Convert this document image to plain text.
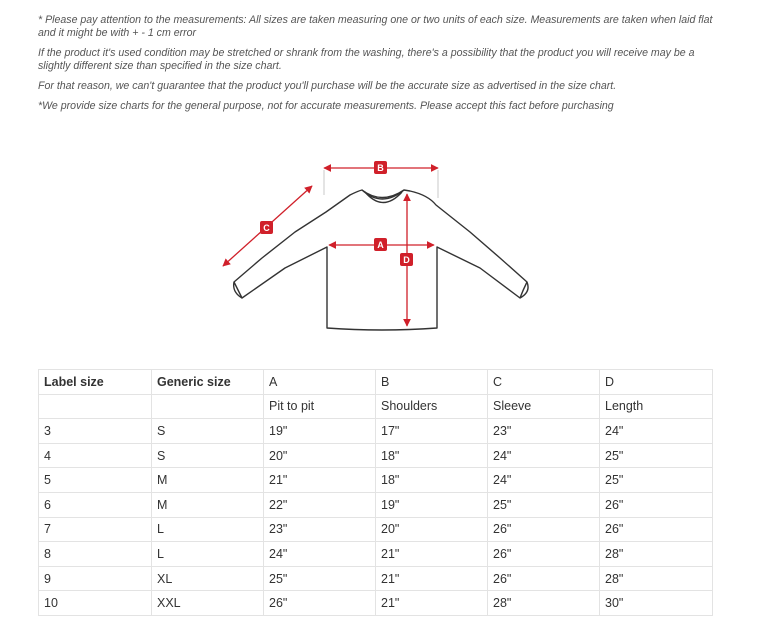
* Please pay attention to the measurements: All sizes are taken measuring one or two units of each size. Measurements are taken when laid flat and it might be with + - 1 cm error

If the product it's used condition may be stretched or shrank from the washing, there's a possibility that the product you will receive may be a slightly different size than specified in the size chart.

For that reason, we can't guarantee that the product you'll purchase will be the accurate size as advertised in the size chart.

*We provide size charts for the general purpose, not for accurate measurements. Please accept this fact before purchasing

B
C
A
D
Label size	Generic size	A	B	C	D
		Pit to pit	Shoulders	Sleeve	Length
3	S	19"	17"	23"	24"
4	S	20"	18"	24"	25"
5	M	21"	18"	24"	25"
6	M	22"	19"	25"	26"
7	L	23"	20"	26"	26"
8	L	24"	21"	26"	28"
9	XL	25"	21"	26"	28"
10	XXL	26"	21"	28"	30"
